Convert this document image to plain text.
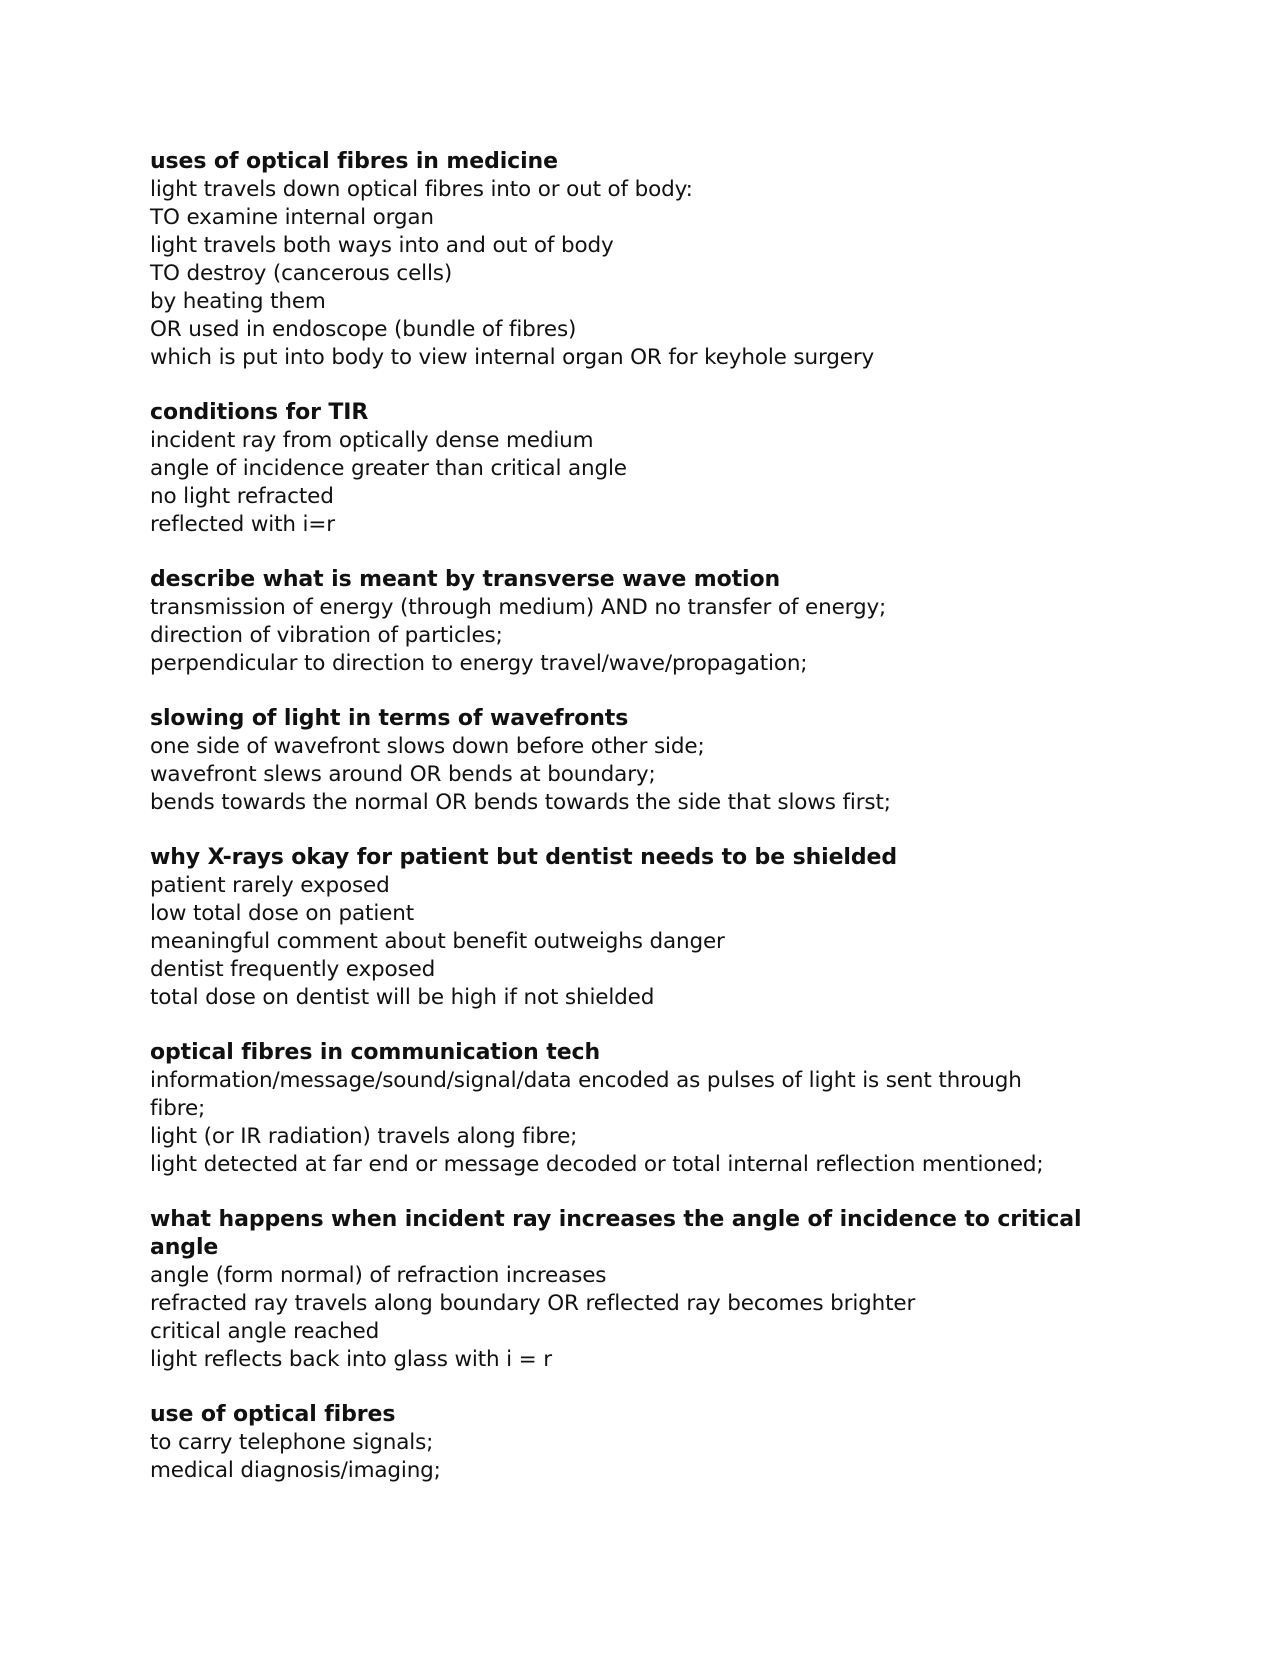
uses of optical fibres in medicine

light travels down optical fibres into or out of body:

TO examine internal organ

light travels both ways into and out of body

TO destroy (cancerous cells)

by heating them

OR used in endoscope (bundle of fibres)

which is put into body to view internal organ OR for keyhole surgery

conditions for TIR

incident ray from optically dense medium

angle of incidence greater than critical angle

no light refracted

reflected with i=r

describe what is meant by transverse wave motion

transmission of energy (through medium) AND no transfer of energy;

direction of vibration of particles;

perpendicular to direction to energy travel/wave/propagation;

slowing of light in terms of wavefronts

one side of wavefront slows down before other side;

wavefront slews around OR bends at boundary;

bends towards the normal OR bends towards the side that slows first;

why X-rays okay for patient but dentist needs to be shielded

patient rarely exposed

low total dose on patient

meaningful comment about benefit outweighs danger

dentist frequently exposed

total dose on dentist will be high if not shielded

optical fibres in communication tech

information/message/sound/signal/data encoded as pulses of light is sent through

fibre;

light (or IR radiation) travels along fibre;

light detected at far end or message decoded or total internal reflection mentioned;

what happens when incident ray increases the angle of incidence to critical

angle

angle (form normal) of refraction increases

refracted ray travels along boundary OR reflected ray becomes brighter

critical angle reached

light reflects back into glass with i = r

use of optical fibres

to carry telephone signals;

medical diagnosis/imaging;
